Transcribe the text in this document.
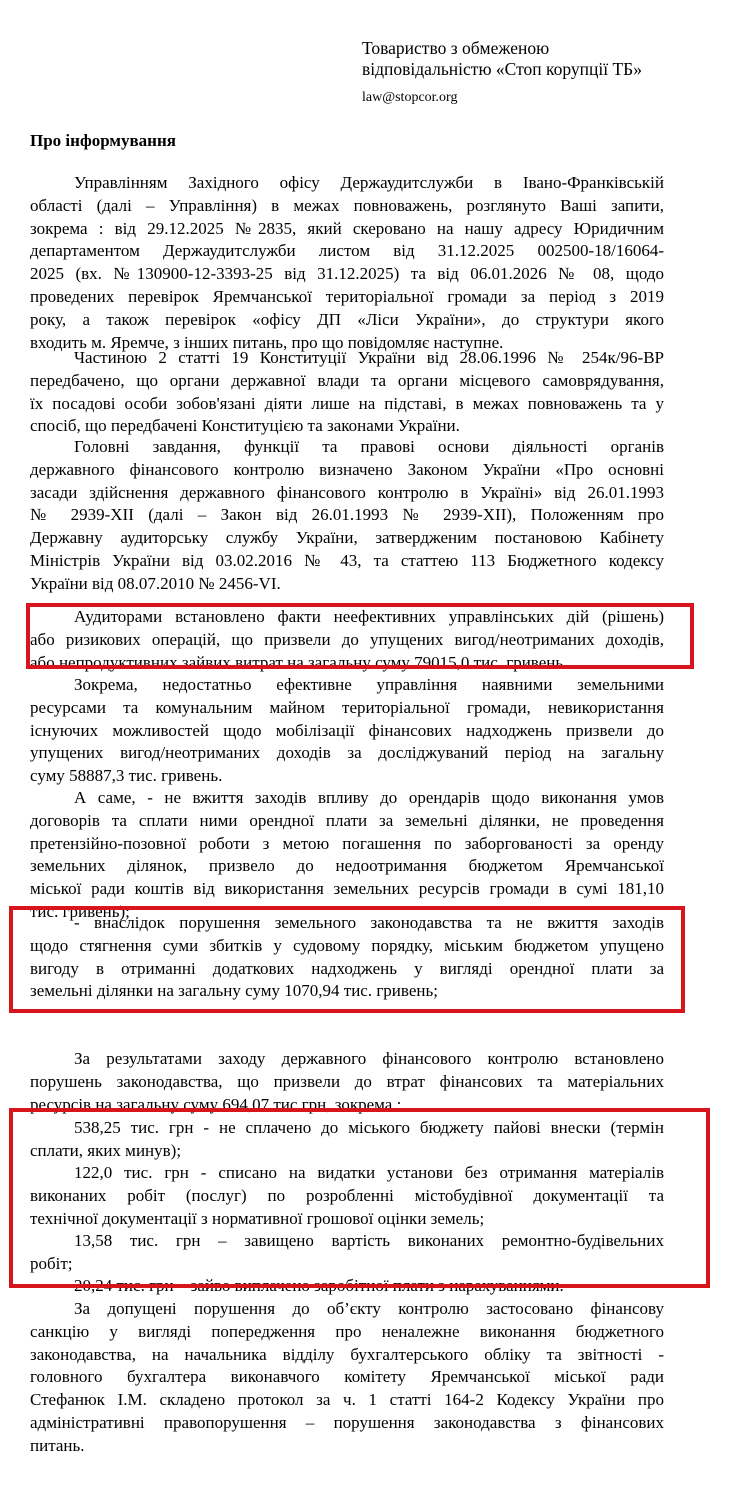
Товариство з обмеженою
відповідальністю «Стоп корупції ТБ»
law@stopcor.org
Про інформування
Управлінням Західного офісу Держаудитслужби в Івано-Франківській
області (далі – Управління) в межах повноважень, розглянуто Ваші запити,
зокрема : від 29.12.2025 №2835, який скеровано на нашу адресу Юридичним
департаментом Держаудитслужби листом від 31.12.2025 002500-18/16064-
2025 (вх. №130900-12-3393-25 від 31.12.2025) та від 06.01.2026 № 08, щодо
проведених перевірок Яремчанської територіальної громади за період з 2019
року, а також перевірок «офісу ДП «Ліси України», до структури якого
входить м. Яремче, з інших питань, про що повідомляє наступне.
Частиною 2 статті 19 Конституції України від 28.06.1996 № 254к/96-ВР
передбачено, що органи державної влади та органи місцевого самоврядування,
їх посадові особи зобов'язані діяти лише на підставі, в межах повноважень та у
спосіб, що передбачені Конституцією та законами України.
Головні завдання, функції та правові основи діяльності органів
державного фінансового контролю визначено Законом України «Про основні
засади здійснення державного фінансового контролю в Україні» від 26.01.1993
№ 2939-XII (далі – Закон від 26.01.1993 № 2939-XII), Положенням про
Державну аудиторську службу України, затвердженим постановою Кабінету
Міністрів України від 03.02.2016 № 43, та статтею 113 Бюджетного кодексу
України від 08.07.2010 № 2456-VI.
Аудиторами встановлено факти неефективних управлінських дій (рішень)
або ризикових операцій, що призвели до упущених вигод/неотриманих доходів,
або непродуктивних зайвих витрат на загальну суму 79015,0 тис. гривень.
Зокрема, недостатньо ефективне управління наявними земельними
ресурсами та комунальним майном територіальної громади, невикористання
існуючих можливостей щодо мобілізації фінансових надходжень призвели до
упущених вигод/неотриманих доходів за досліджуваний період на загальну
суму 58887,3 тис. гривень.
А саме, - не вжиття заходів впливу до орендарів щодо виконання умов
договорів та сплати ними орендної плати за земельні ділянки, не проведення
претензійно-позовної роботи з метою погашення по заборгованості за оренду
земельних ділянок, призвело до недоотримання бюджетом Яремчанської
міської ради коштів від використання земельних ресурсів громади в сумі 181,10
тис. гривень);
- внаслідок порушення земельного законодавства та не вжиття заходів
щодо стягнення суми збитків у судовому порядку, міським бюджетом упущено
вигоду в отриманні додаткових надходжень у вигляді орендної плати за
земельні ділянки на загальну суму 1070,94 тис. гривень;
За результатами заходу державного фінансового контролю встановлено
порушень законодавства, що призвели до втрат фінансових та матеріальних
ресурсів на загальну суму 694,07 тис.грн, зокрема :
538,25 тис. грн - не сплачено до міського бюджету пайові внески (термін
сплати, яких минув);
122,0 тис. грн - списано на видатки установи без отримання матеріалів
виконаних робіт (послуг) по розробленні містобудівної документації та
технічної документації з нормативної грошової оцінки земель;
13,58 тис. грн – завищено вартість виконаних ремонтно-будівельних
робіт;
20,24 тис. грн – зайво виплачено заробітної плати з нарахуваннями.
За допущені порушення до об’єкту контролю застосовано фінансову
санкцію у вигляді попередження про неналежне виконання бюджетного
законодавства, на начальника відділу бухгалтерського обліку та звітності -
головного бухгалтера виконавчого комітету Яремчанської міської ради
Стефанюк І.М. складено протокол за ч. 1 статті 164-2 Кодексу України про
адміністративні правопорушення – порушення законодавства з фінансових
питань.
